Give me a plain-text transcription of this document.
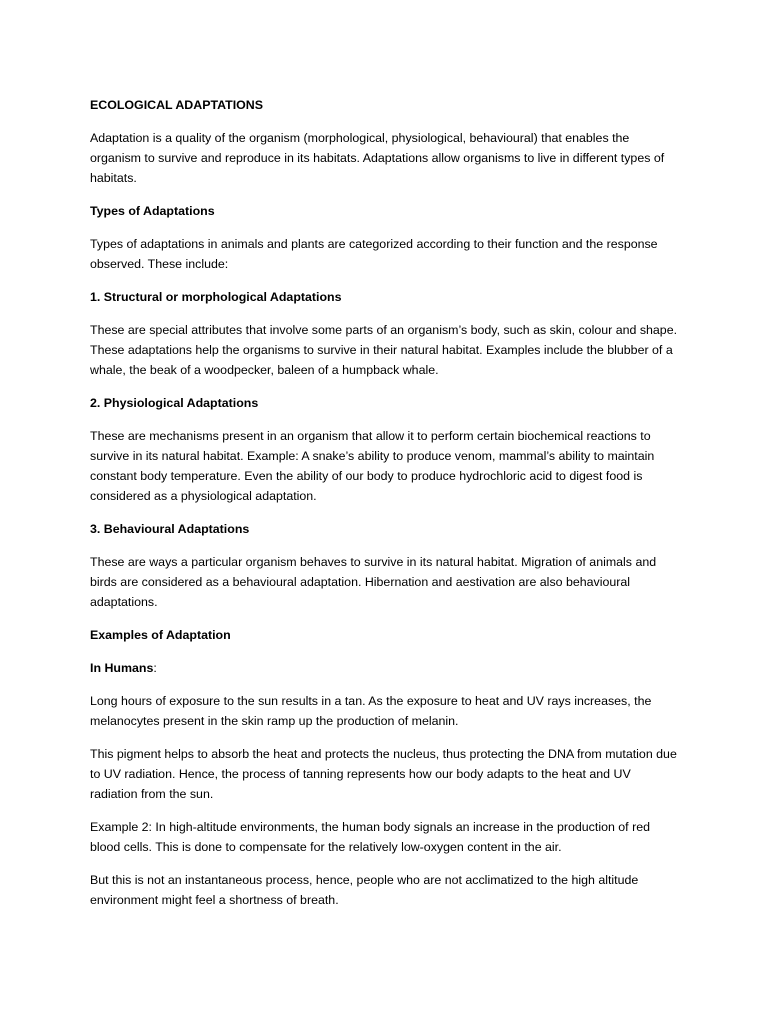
ECOLOGICAL ADAPTATIONS

Adaptation is a quality of the organism (morphological, physiological, behavioural) that enables the organism to survive and reproduce in its habitats. Adaptations allow organisms to live in different types of habitats.

Types of Adaptations

Types of adaptations in animals and plants are categorized according to their function and the response observed. These include:

1. Structural or morphological Adaptations

These are special attributes that involve some parts of an organism’s body, such as skin, colour and shape. These adaptations help the organisms to survive in their natural habitat. Examples include the blubber of a whale, the beak of a woodpecker, baleen of a humpback whale.

2. Physiological Adaptations

These are mechanisms present in an organism that allow it to perform certain biochemical reactions to survive in its natural habitat. Example: A snake’s ability to produce venom, mammal’s ability to maintain constant body temperature. Even the ability of our body to produce hydrochloric acid to digest food is considered as a physiological adaptation.

3. Behavioural Adaptations

These are ways a particular organism behaves to survive in its natural habitat. Migration of animals and birds are considered as a behavioural adaptation. Hibernation and aestivation are also behavioural adaptations.

Examples of Adaptation

In Humans:

Long hours of exposure to the sun results in a tan. As the exposure to heat and UV rays increases, the melanocytes present in the skin ramp up the production of melanin.

This pigment helps to absorb the heat and protects the nucleus, thus protecting the DNA from mutation due to UV radiation. Hence, the process of tanning represents how our body adapts to the heat and UV radiation from the sun.

Example 2: In high-altitude environments, the human body signals an increase in the production of red blood cells. This is done to compensate for the relatively low-oxygen content in the air.

But this is not an instantaneous process, hence, people who are not acclimatized to the high altitude environment might feel a shortness of breath.
